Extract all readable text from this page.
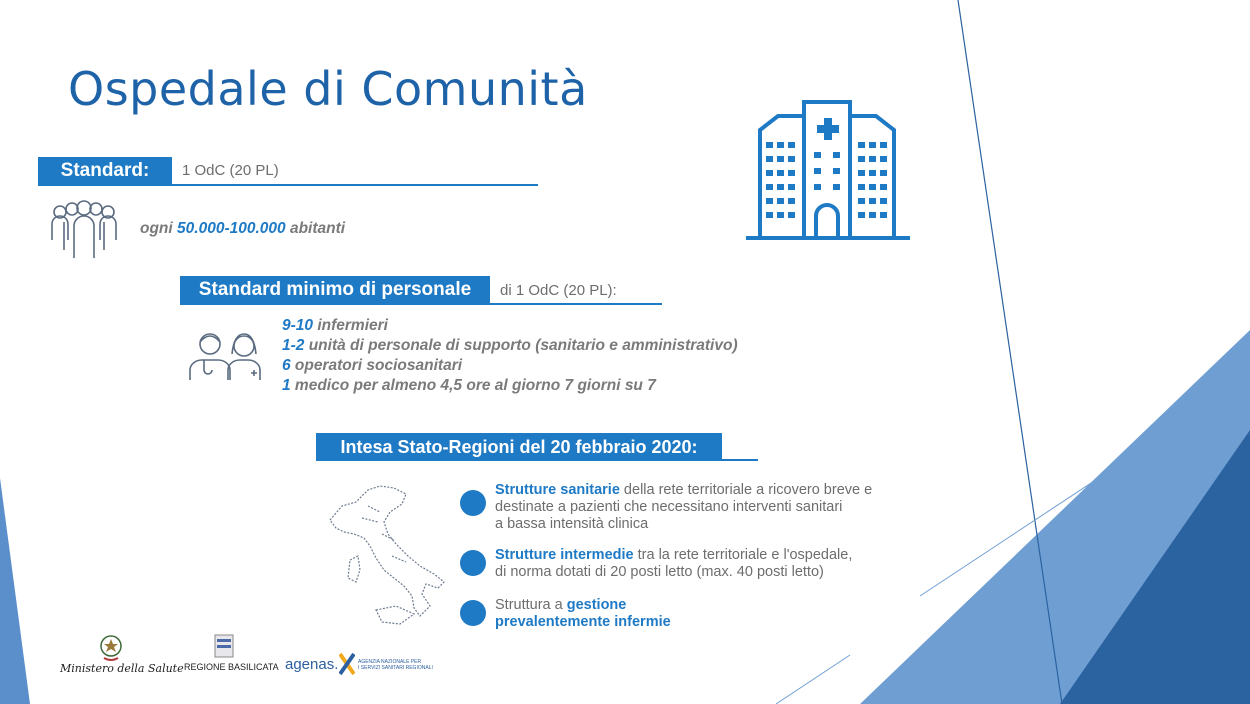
Ospedale di Comunità
Standard:	1 OdC (20 PL)
ogni 50.000-100.000 abitanti
Standard minimo di personale	di 1 OdC (20 PL):
9-10 infermieri
1-2 unità di personale di supporto (sanitario e amministrativo)
6 operatori sociosanitari
1 medico per almeno 4,5 ore al giorno 7 giorni su 7
Intesa Stato-Regioni del 20 febbraio 2020:
Strutture sanitarie della rete territoriale a ricovero breve e
destinate a pazienti che necessitano interventi sanitari
a bassa intensità clinica
Strutture intermedie tra la rete territoriale e l'ospedale,
di norma dotati di 20 posti letto (max. 40 posti letto)
Struttura a gestione
prevalentemente infermie
Ministero della Salute REGIONE BASILICATA agenas.	AGENZIA NAZIONALE PER
I SERVIZI SANITARI REGIONALI
